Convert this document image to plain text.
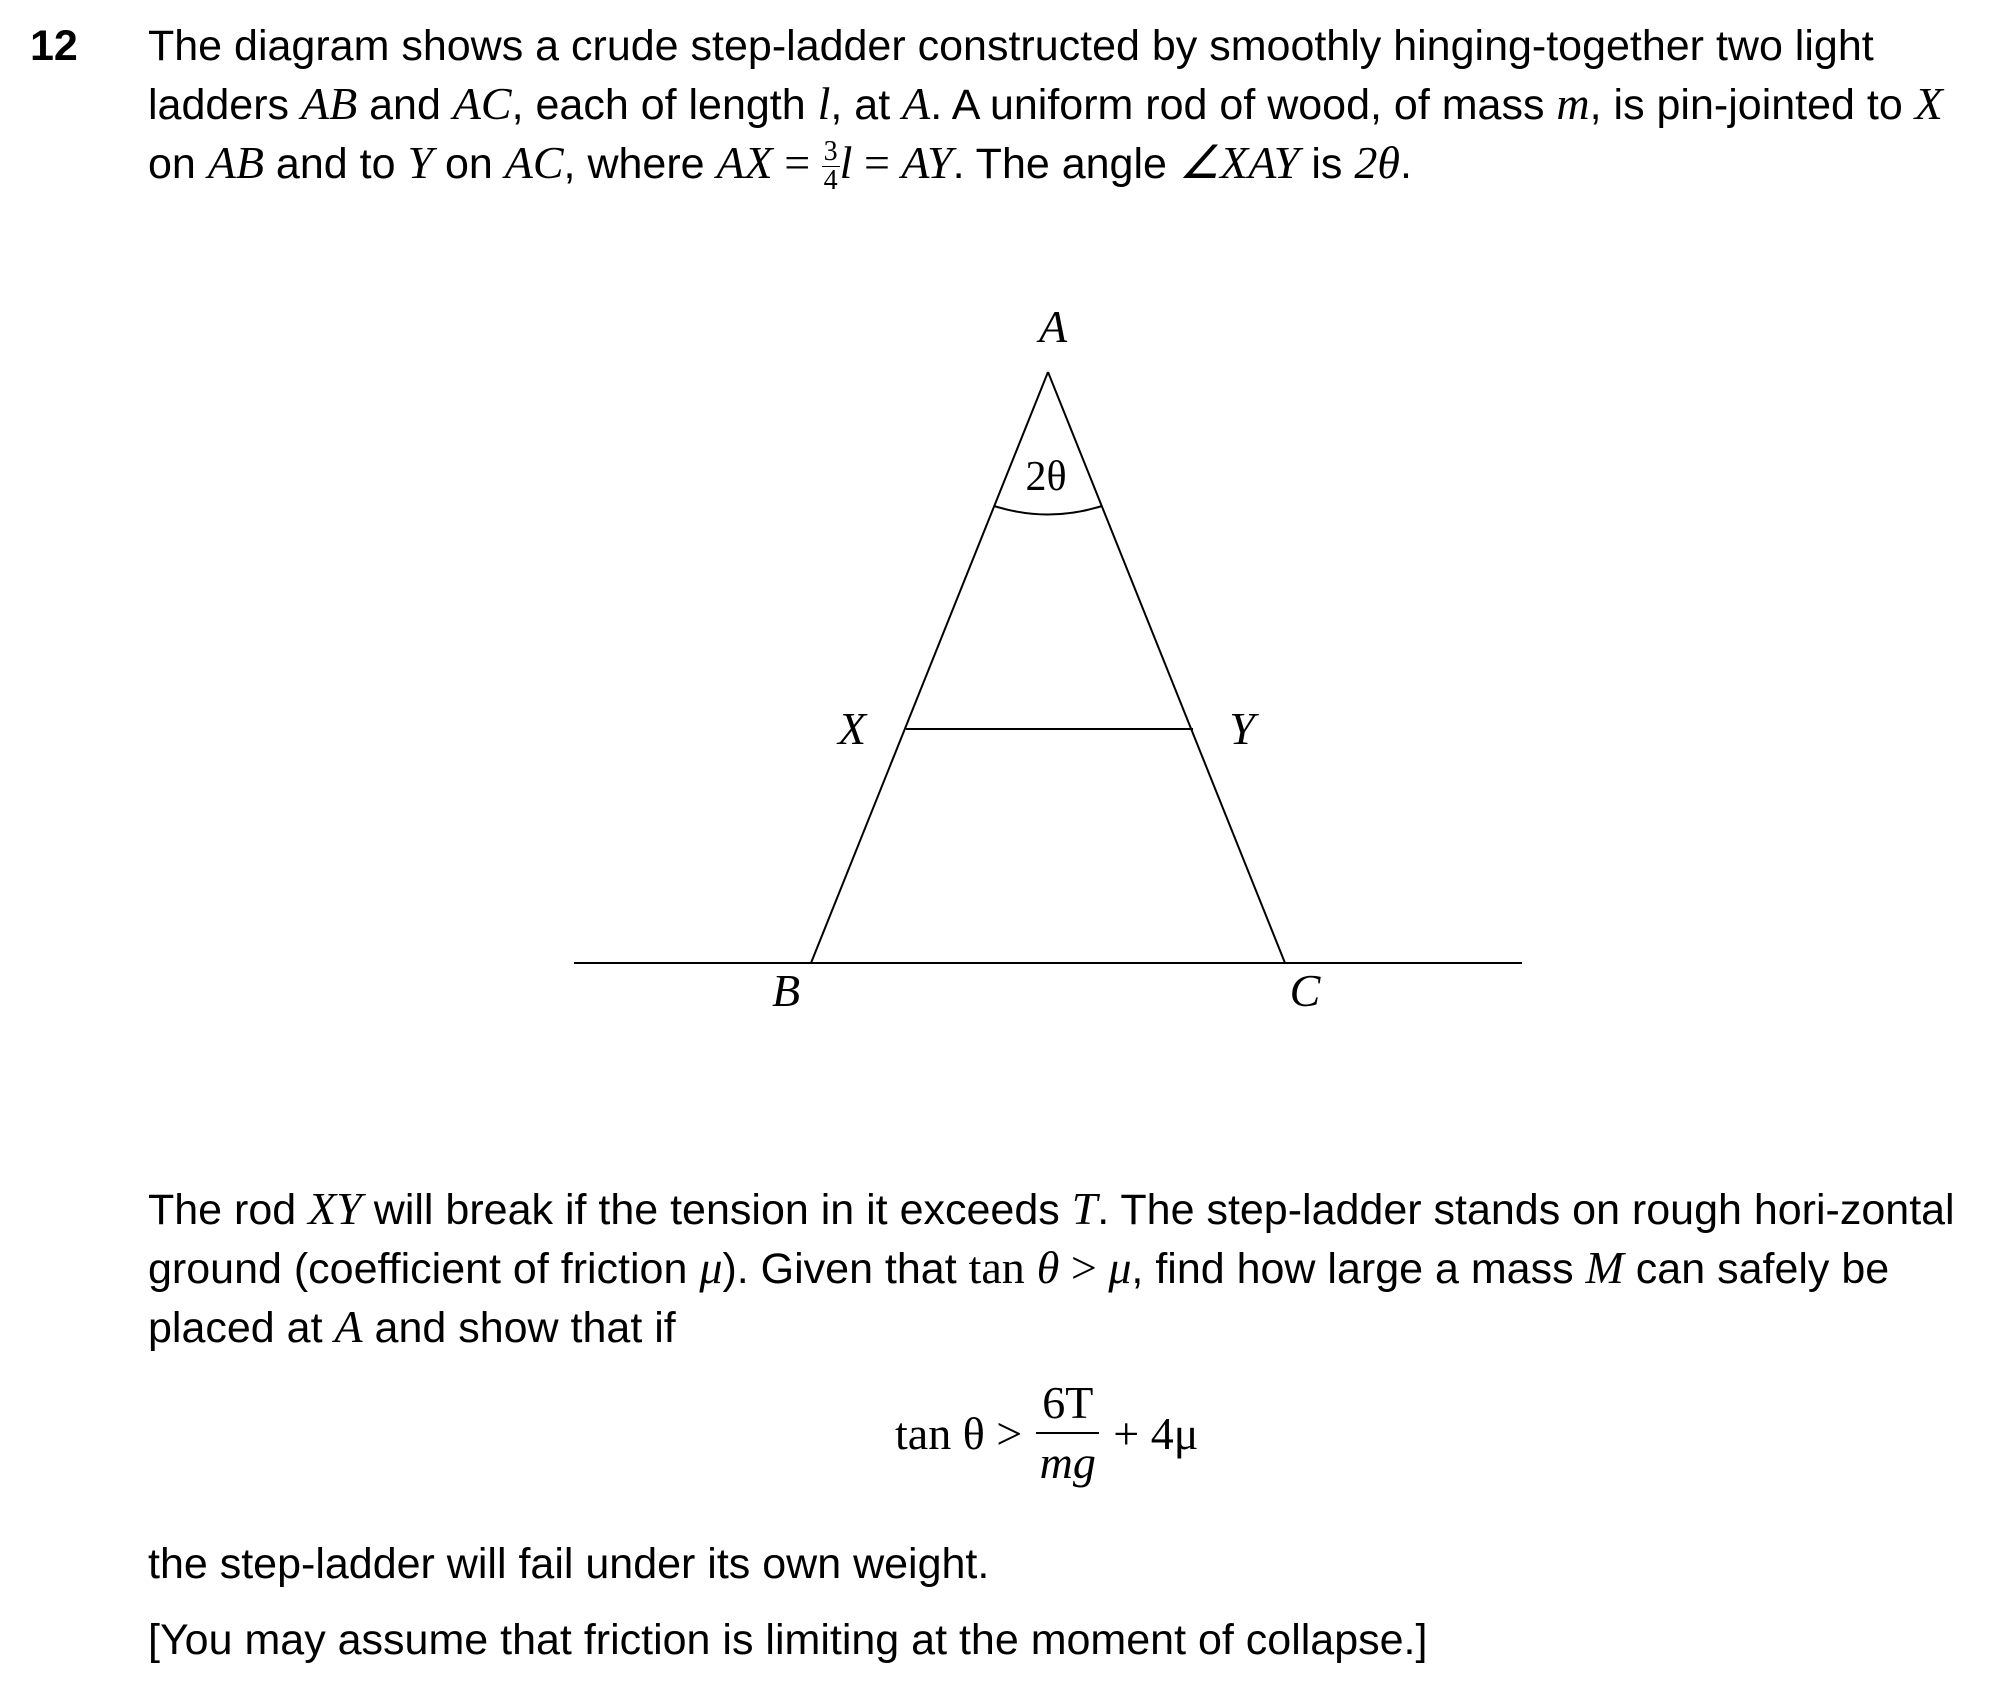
12 The diagram shows a crude step-ladder constructed by smoothly hinging-together two light ladders AB and AC, each of length l, at A. A uniform rod of wood, of mass m, is pin-jointed to X on AB and to Y on AC, where AX = $\frac{3}{4}$ l = AY. The angle ∠XAY is 2θ.

A
B	C
X	Y
2θ

The rod XY will break if the tension in it exceeds T. The step-ladder stands on rough hori-zontal ground (coefficient of friction μ). Given that tan θ > μ, find how large a mass M can safely be placed at A and show that if

$\tan \theta > \frac{6T}{mg} + 4\mu$

the step-ladder will fail under its own weight.

[You may assume that friction is limiting at the moment of collapse.]
